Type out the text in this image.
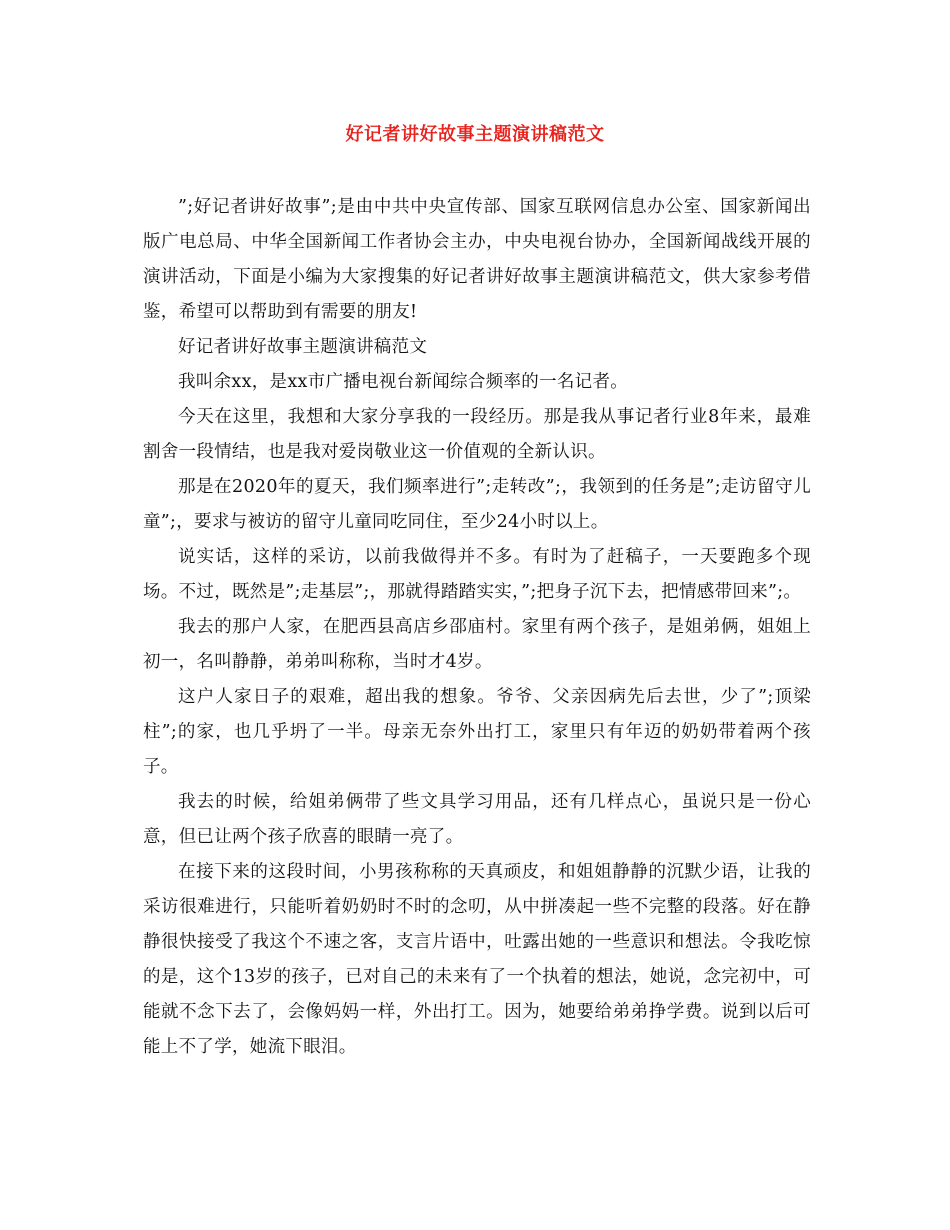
好记者讲好故事主题演讲稿范文

”;好记者讲好故事”;是由中共中央宣传部、国家互联网信息办公室、国家新闻出版广电总局、中华全国新闻工作者协会主办，中央电视台协办，全国新闻战线开展的演讲活动，下面是小编为大家搜集的好记者讲好故事主题演讲稿范文，供大家参考借鉴，希望可以帮助到有需要的朋友!

好记者讲好故事主题演讲稿范文

我叫余xx，是xx市广播电视台新闻综合频率的一名记者。

今天在这里，我想和大家分享我的一段经历。那是我从事记者行业8年来，最难割舍一段情结，也是我对爱岗敬业这一价值观的全新认识。

那是在2020年的夏天，我们频率进行”;走转改”;，我领到的任务是”;走访留守儿童”;，要求与被访的留守儿童同吃同住，至少24小时以上。

说实话，这样的采访，以前我做得并不多。有时为了赶稿子，一天要跑多个现场。不过，既然是”;走基层”;，那就得踏踏实实，”;把身子沉下去，把情感带回来”;。

我去的那户人家，在肥西县高店乡邵庙村。家里有两个孩子，是姐弟俩，姐姐上初一，名叫静静，弟弟叫称称，当时才4岁。

这户人家日子的艰难，超出我的想象。爷爷、父亲因病先后去世，少了”;顶梁柱”;的家，也几乎坍了一半。母亲无奈外出打工，家里只有年迈的奶奶带着两个孩子。

我去的时候，给姐弟俩带了些文具学习用品，还有几样点心，虽说只是一份心意，但已让两个孩子欣喜的眼睛一亮了。

在接下来的这段时间，小男孩称称的天真顽皮，和姐姐静静的沉默少语，让我的采访很难进行，只能听着奶奶时不时的念叨，从中拼凑起一些不完整的段落。好在静静很快接受了我这个不速之客，支言片语中，吐露出她的一些意识和想法。令我吃惊的是，这个13岁的孩子，已对自己的未来有了一个执着的想法，她说，念完初中，可能就不念下去了，会像妈妈一样，外出打工。因为，她要给弟弟挣学费。说到以后可能上不了学，她流下眼泪。
